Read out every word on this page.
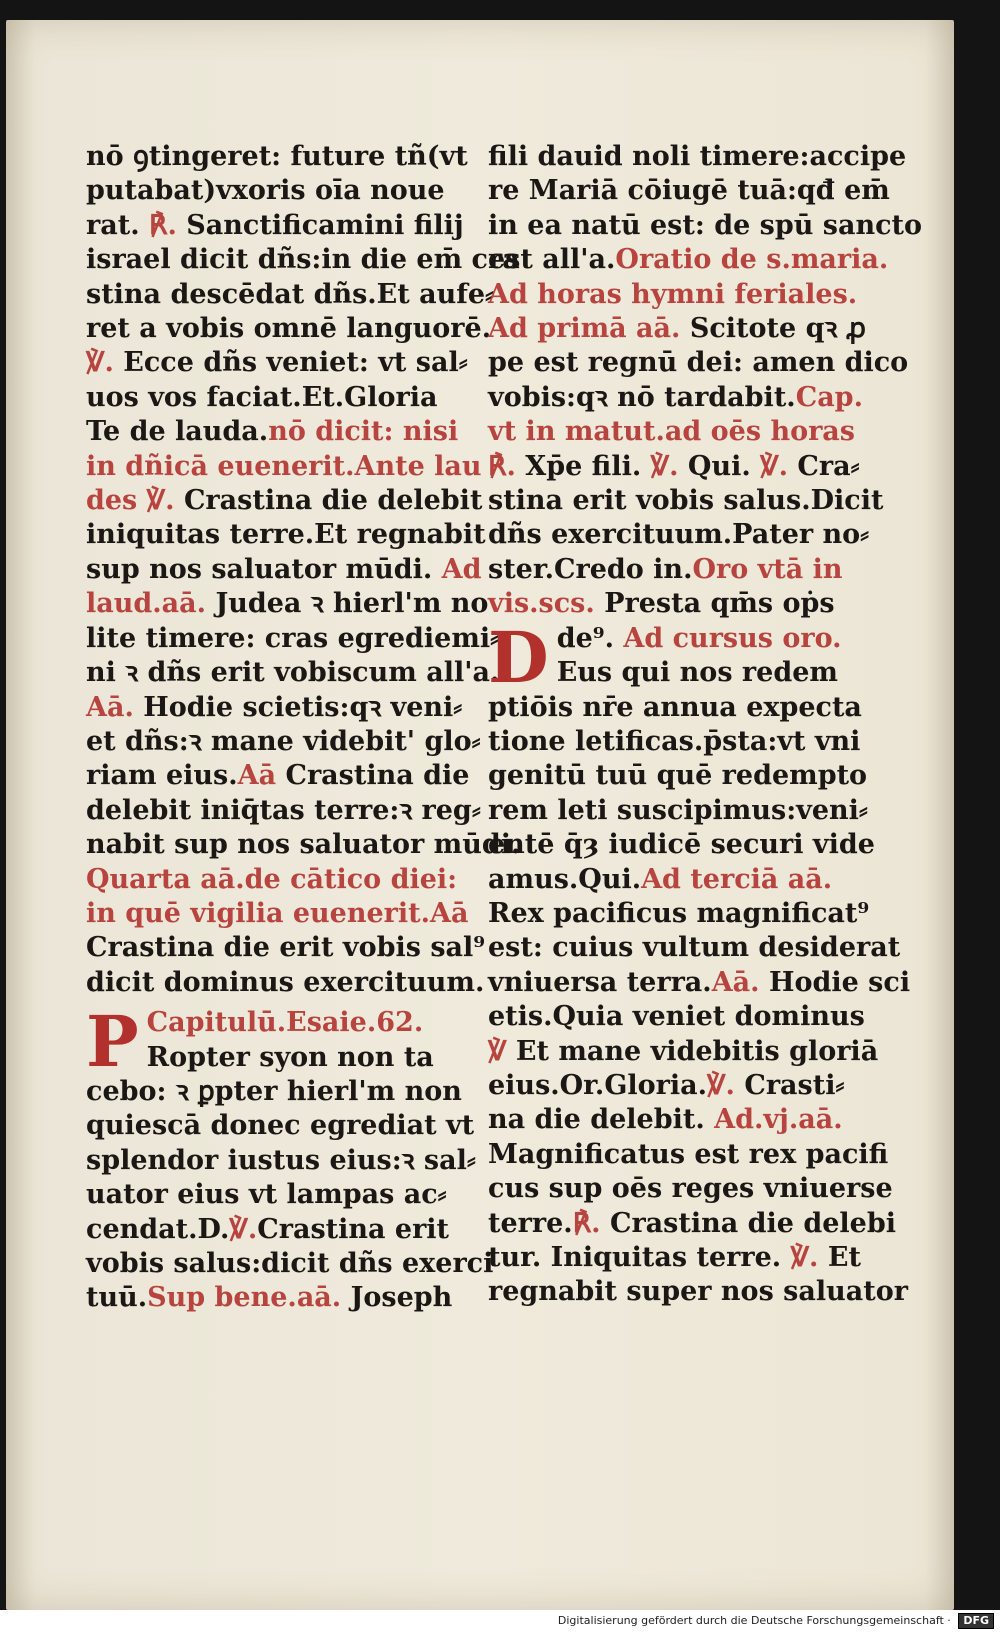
nō ꝯtingeret: future tñ(vt
putabat)vxoris oīa noue
rat. ℟. Sanctificamini filij
israel dicit dñs:in die em̄ cra
stina descēdat dñs.Et aufe⸗
ret a vobis omnē languorē.
℣. Ecce dñs veniet: vt sal⸗
uos vos faciat.Et.Gloria
Te de lauda.nō dicit: nisi
in dñicā euenerit.Ante lau
des ℣. Crastina die delebit
iniquitas terre.Et regnabit
sup nos saluator mūdi. Ad
laud.aā. Judea ꝛ hierl'm no
lite timere: cras egrediemi⸗
ni ꝛ dñs erit vobiscum all'a.
Aā. Hodie scietis:qꝛ veni⸗
et dñs:ꝛ mane videbit' glo⸗
riam eius.Aā Crastina die
delebit iniq̄tas terre:ꝛ reg⸗
nabit sup nos saluator mūdi.
Quarta aā.de cātico diei:
in quē vigilia euenerit.Aā
Crastina die erit vobis sal⁹
dicit dominus exercituum.
P Capitulū.Esaie.62.
Ropter syon non ta
cebo: ꝛ ꝑpter hierl'm non
quiescā donec egrediat vt
splendor iustus eius:ꝛ sal⸗
uator eius vt lampas ac⸗
cendat.D.℣.Crastina erit
vobis salus:dicit dñs exerci
tuū.Sup bene.aā. Joseph
fili dauid noli timere:accipe
re Mariā cōiugē tuā:qđ em̄
in ea natū est: de spū sancto
est all'a.Oratio de s.maria.
Ad horas hymni feriales.
Ad primā aā. Scitote qꝛ ꝓ
pe est regnū dei: amen dico
vobis:qꝛ nō tardabit.Cap.
vt in matut.ad oēs horas
℟. Xp̄e fili. ℣. Qui. ℣. Cra⸗
stina erit vobis salus.Dicit
dñs exercituum.Pater no⸗
ster.Credo in.Oro vtā in
vis.scs. Presta qm̄s oṗs
D de⁹. Ad cursus oro.
Eus qui nos redem
ptiōis nr̄e annua expecta
tione letificas.p̄sta:vt vni
genitū tuū quē redempto
rem leti suscipimus:veni⸗
entē q̄ȝ iudicē securi vide
amus.Qui.Ad terciā aā.
Rex pacificus magnificat⁹
est: cuius vultum desiderat
vniuersa terra.Aā. Hodie sci
etis.Quia veniet dominus
℣ Et mane videbitis gloriā
eius.Or.Gloria.℣. Crasti⸗
na die delebit. Ad.vj.aā.
Magnificatus est rex pacifi
cus sup oēs reges vniuerse
terre.℟. Crastina die delebi
tur. Iniquitas terre. ℣. Et
regnabit super nos saluator
Digitalisierung gefördert durch die Deutsche Forschungsgemeinschaft · DFG
